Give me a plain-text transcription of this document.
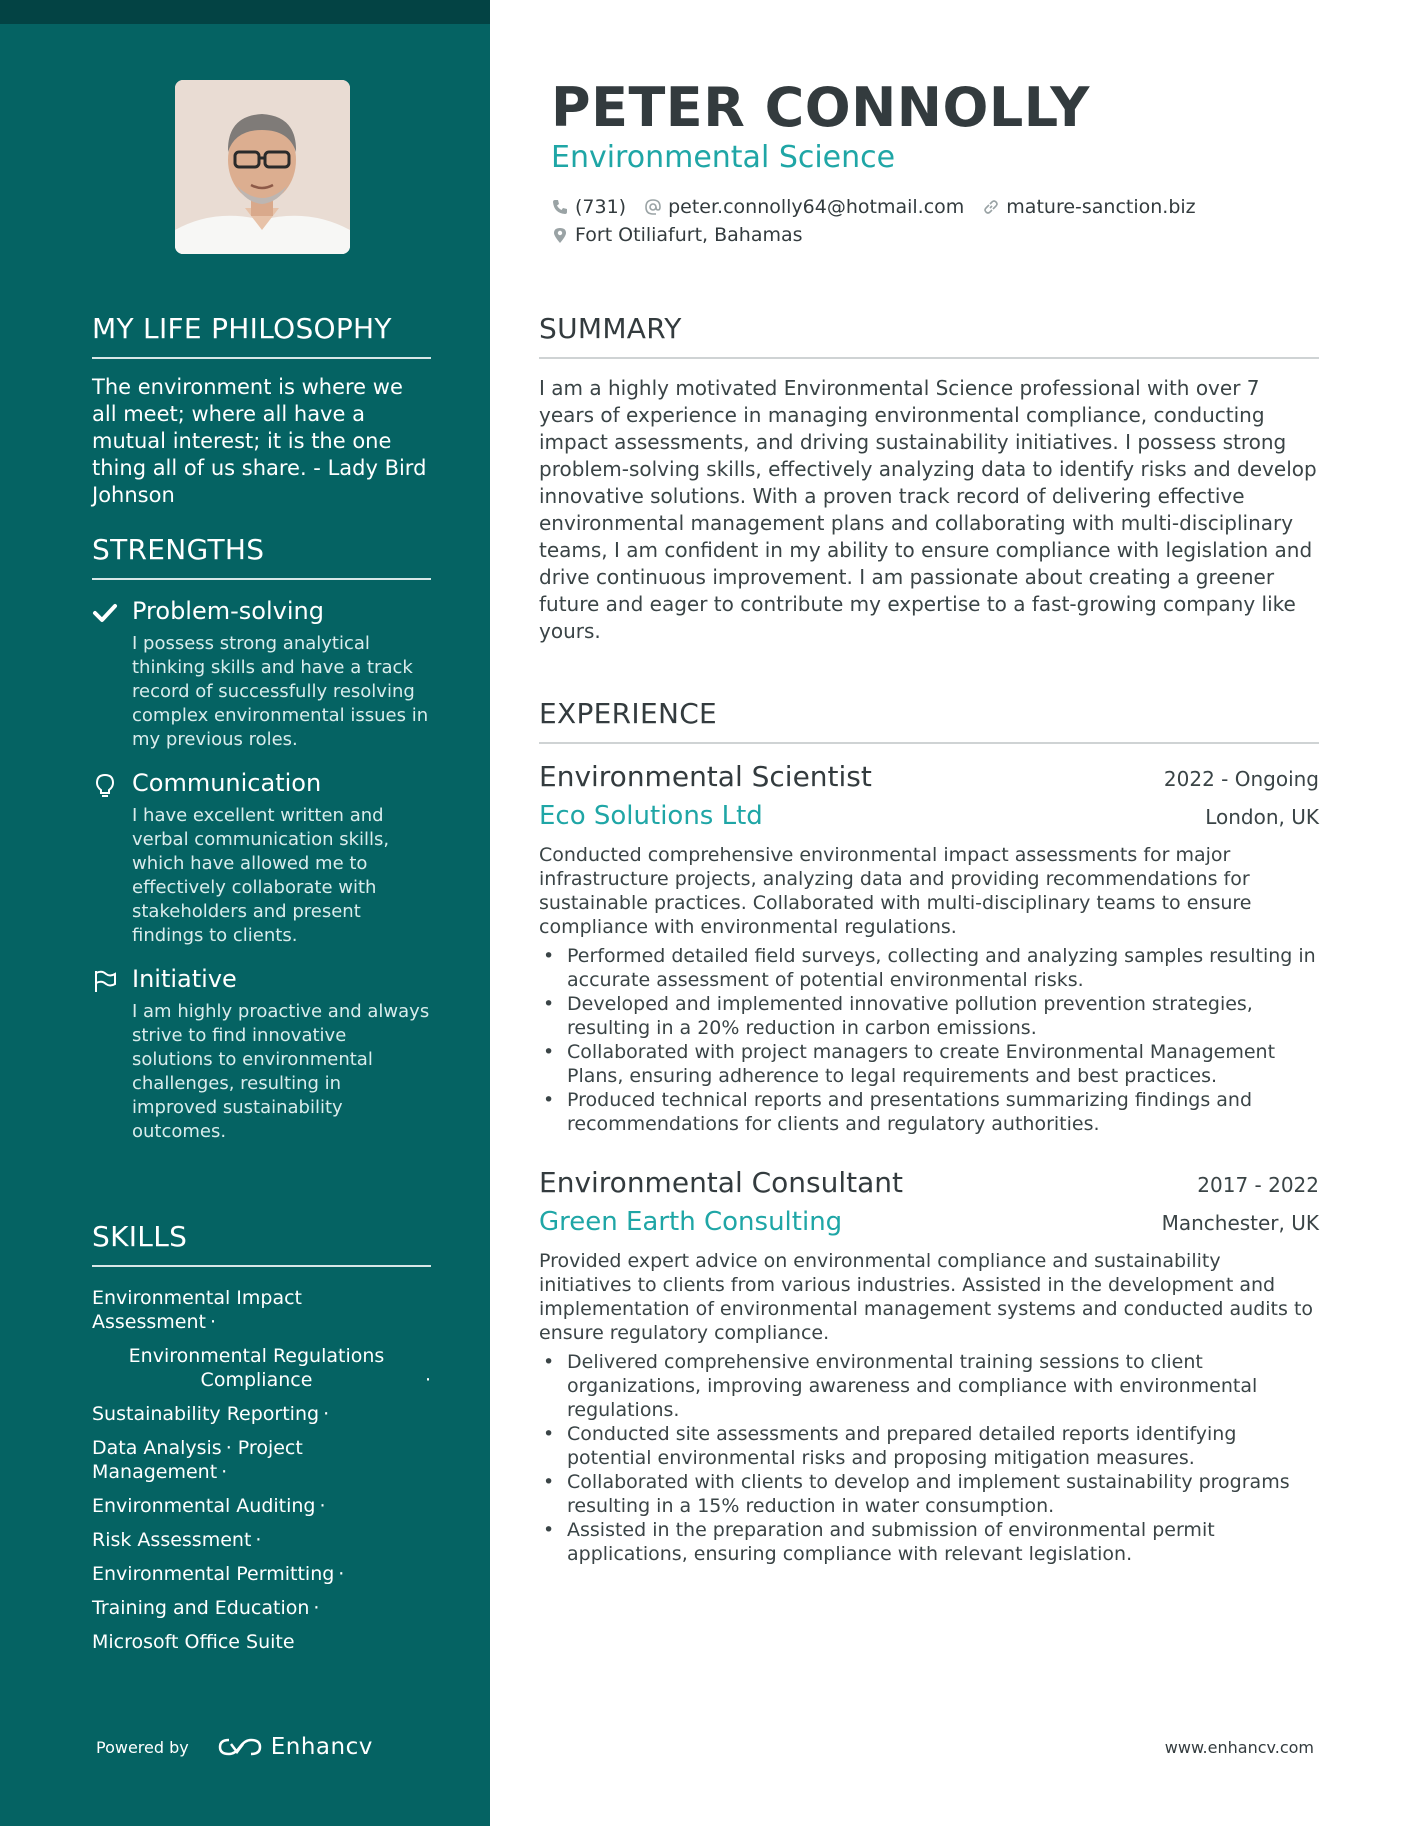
MY LIFE PHILOSOPHY
The environment is where we all meet; where all have a mutual interest; it is the one thing all of us share. - Lady Bird Johnson
STRENGTHS
Problem-solving
I possess strong analytical thinking skills and have a track record of successfully resolving complex environmental issues in my previous roles.
Communication
I have excellent written and verbal communication skills, which have allowed me to effectively collaborate with stakeholders and present findings to clients.
Initiative
I am highly proactive and always strive to find innovative solutions to environmental challenges, resulting in improved sustainability outcomes.
SKILLS
Environmental Impact Assessment ·
Environmental Regulations Compliance	·
Sustainability Reporting ·
Data Analysis · Project Management ·
Environmental Auditing ·
Risk Assessment ·
Environmental Permitting ·
Training and Education ·
Microsoft Office Suite
Powered by	Enhancv
PETER CONNOLLY
Environmental Science
(731) peter.connolly64@hotmail.com mature-sanction.biz
Fort Otiliafurt, Bahamas
SUMMARY
I am a highly motivated Environmental Science professional with over 7 years of experience in managing environmental compliance, conducting impact assessments, and driving sustainability initiatives. I possess strong problem-solving skills, effectively analyzing data to identify risks and develop innovative solutions. With a proven track record of delivering effective environmental management plans and collaborating with multi-disciplinary teams, I am confident in my ability to ensure compliance with legislation and drive continuous improvement. I am passionate about creating a greener future and eager to contribute my expertise to a fast-growing company like yours.
EXPERIENCE
Environmental Scientist	2022 - Ongoing
Eco Solutions Ltd	London, UK
Conducted comprehensive environmental impact assessments for major infrastructure projects, analyzing data and providing recommendations for sustainable practices. Collaborated with multi-disciplinary teams to ensure compliance with environmental regulations.
• Performed detailed field surveys, collecting and analyzing samples resulting in accurate assessment of potential environmental risks.
• Developed and implemented innovative pollution prevention strategies, resulting in a 20% reduction in carbon emissions.
• Collaborated with project managers to create Environmental Management Plans, ensuring adherence to legal requirements and best practices.
• Produced technical reports and presentations summarizing findings and recommendations for clients and regulatory authorities.
Environmental Consultant	2017 - 2022
Green Earth Consulting	Manchester, UK
Provided expert advice on environmental compliance and sustainability initiatives to clients from various industries. Assisted in the development and implementation of environmental management systems and conducted audits to ensure regulatory compliance.
• Delivered comprehensive environmental training sessions to client organizations, improving awareness and compliance with environmental regulations.
• Conducted site assessments and prepared detailed reports identifying potential environmental risks and proposing mitigation measures.
• Collaborated with clients to develop and implement sustainability programs resulting in a 15% reduction in water consumption.
• Assisted in the preparation and submission of environmental permit applications, ensuring compliance with relevant legislation.
www.enhancv.com
